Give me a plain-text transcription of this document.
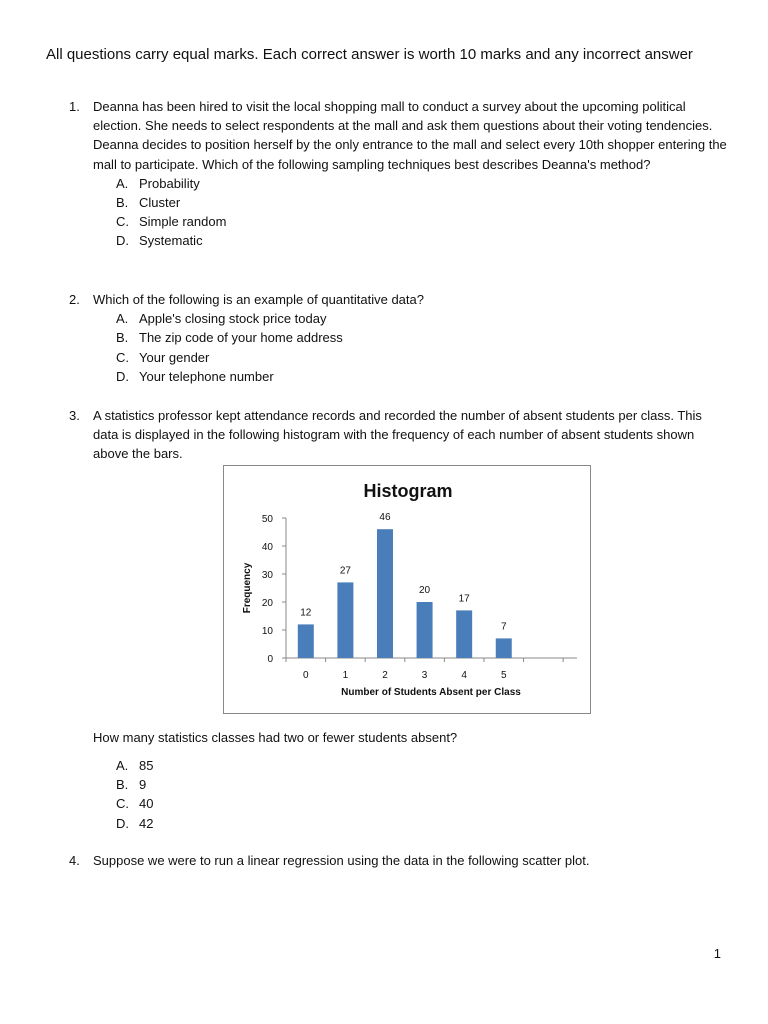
All questions carry equal marks. Each correct answer is worth 10 marks and any incorrect answer

1. Deanna has been hired to visit the local shopping mall to conduct a survey about the upcoming political election. She needs to select respondents at the mall and ask them questions about their voting tendencies. Deanna decides to position herself by the only entrance to the mall and select every 10th shopper entering the mall to participate. Which of the following sampling techniques best describes Deanna's method?
A. Probability
B. Cluster
C. Simple random
D. Systematic
2. Which of the following is an example of quantitative data?
A. Apple's closing stock price today
B. The zip code of your home address
C. Your gender
D. Your telephone number
3. A statistics professor kept attendance records and recorded the number of absent students per class. This data is displayed in the following histogram with the frequency of each number of absent students shown above the bars.
Histogram
0
10
20
30
40
50
Frequency	12
0
27
1
46
2
20
3
17
4
7
5
Number of Students Absent per Class
How many statistics classes had two or fewer students absent?
A. 85
B. 9
C. 40
D. 42
4. Suppose we were to run a linear regression using the data in the following scatter plot.
1
